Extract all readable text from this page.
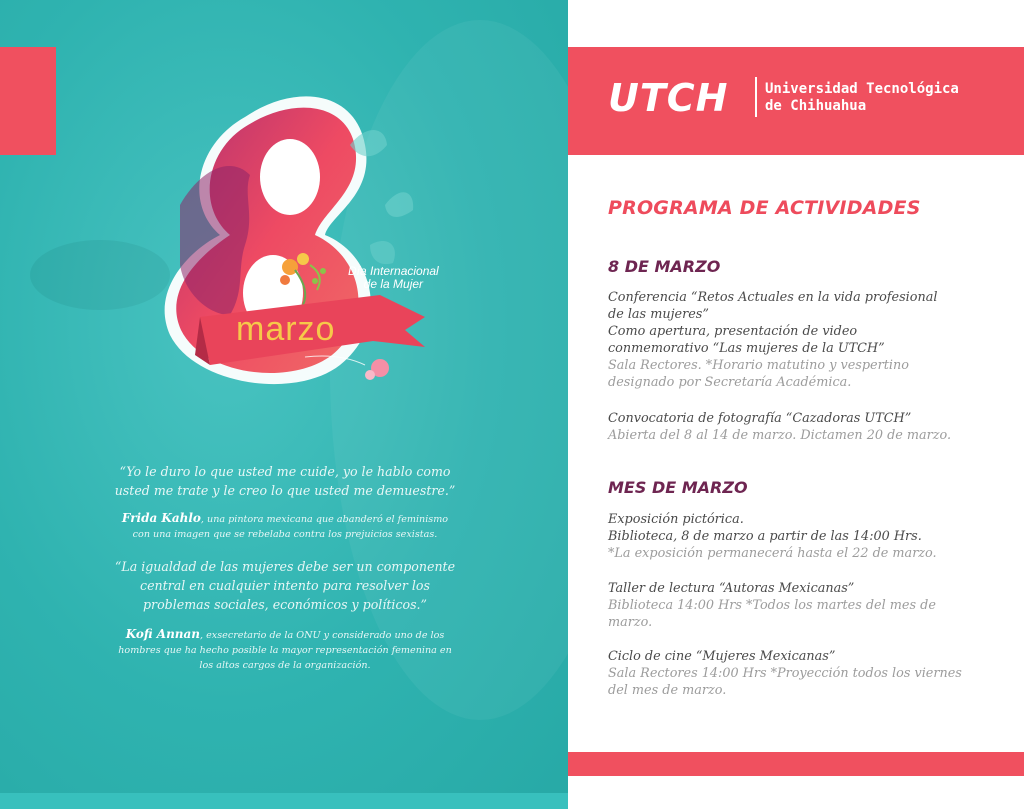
Día Internacional
de la Mujer
marzo
“Yo le duro lo que usted me cuide, yo le hablo como
usted me trate y le creo lo que usted me demuestre.”
Frida Kahlo, una pintora mexicana que abanderó el feminismo
con una imagen que se rebelaba contra los prejuicios sexistas.
“La igualdad de las mujeres debe ser un componente
central en cualquier intento para resolver los
problemas sociales, económicos y políticos.”
Kofi Annan, exsecretario de la ONU y considerado uno de los
hombres que ha hecho posible la mayor representación femenina en
los altos cargos de la organización.
UTCH	Universidad Tecnológica
de Chihuahua
PROGRAMA DE ACTIVIDADES
8 DE MARZO
Conferencia “Retos Actuales en la vida profesional
de las mujeres”
Como apertura, presentación de video
conmemorativo “Las mujeres de la UTCH”
Sala Rectores. *Horario matutino y vespertino
designado por Secretaría Académica.
Convocatoria de fotografía “Cazadoras UTCH”
Abierta del 8 al 14 de marzo. Dictamen 20 de marzo.
MES DE MARZO
Exposición pictórica.
Biblioteca, 8 de marzo a partir de las 14:00 Hrs.
*La exposición permanecerá hasta el 22 de marzo.
Taller de lectura “Autoras Mexicanas”
Biblioteca 14:00 Hrs *Todos los martes del mes de
marzo.
Ciclo de cine “Mujeres Mexicanas”
Sala Rectores 14:00 Hrs *Proyección todos los viernes
del mes de marzo.
